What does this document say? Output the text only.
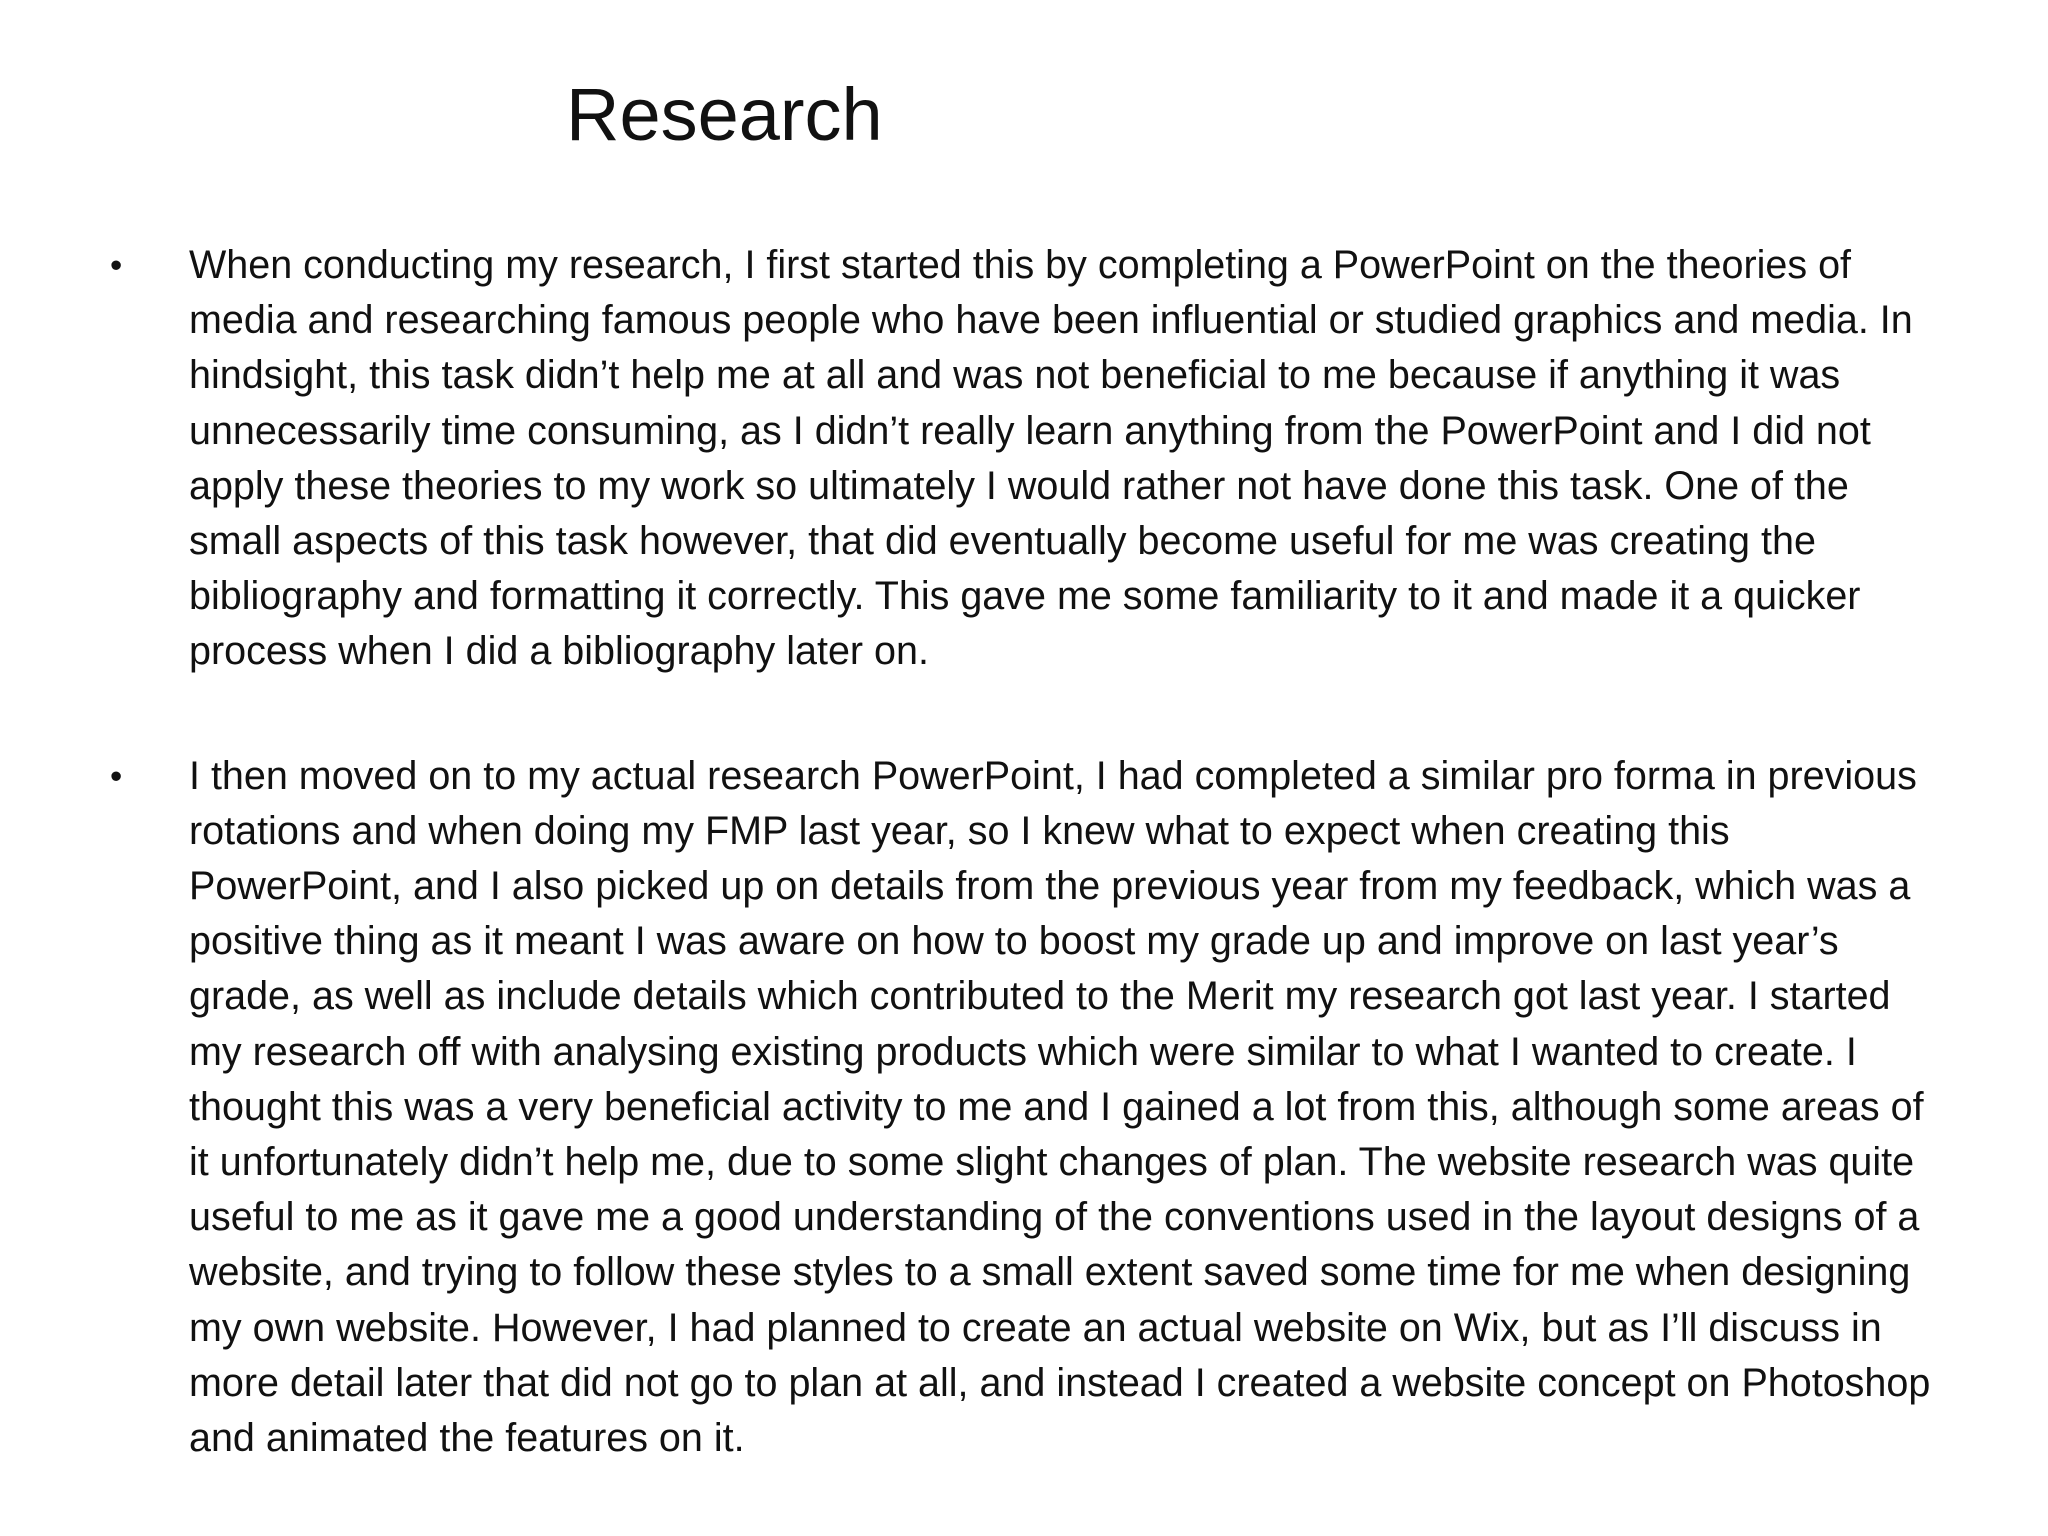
Research
•	When conducting my research, I first started this by completing a PowerPoint on the theories of media and researching famous people who have been influential or studied graphics and media. In hindsight, this task didn’t help me at all and was not beneficial to me because if anything it was unnecessarily time consuming, as I didn’t really learn anything from the PowerPoint and I did not apply these theories to my work so ultimately I would rather not have done this task. One of the small aspects of this task however, that did eventually become useful for me was creating the bibliography and formatting it correctly. This gave me some familiarity to it and made it a quicker process when I did a bibliography later on.
•	I then moved on to my actual research PowerPoint, I had completed a similar pro forma in previous rotations and when doing my FMP last year, so I knew what to expect when creating this PowerPoint, and I also picked up on details from the previous year from my feedback, which was a positive thing as it meant I was aware on how to boost my grade up and improve on last year’s grade, as well as include details which contributed to the Merit my research got last year. I started my research off with analysing existing products which were similar to what I wanted to create. I thought this was a very beneficial activity to me and I gained a lot from this, although some areas of it unfortunately didn’t help me, due to some slight changes of plan. The website research was quite useful to me as it gave me a good understanding of the conventions used in the layout designs of a website, and trying to follow these styles to a small extent saved some time for me when designing my own website. However, I had planned to create an actual website on Wix, but as I’ll discuss in more detail later that did not go to plan at all, and instead I created a website concept on Photoshop and animated the features on it.
